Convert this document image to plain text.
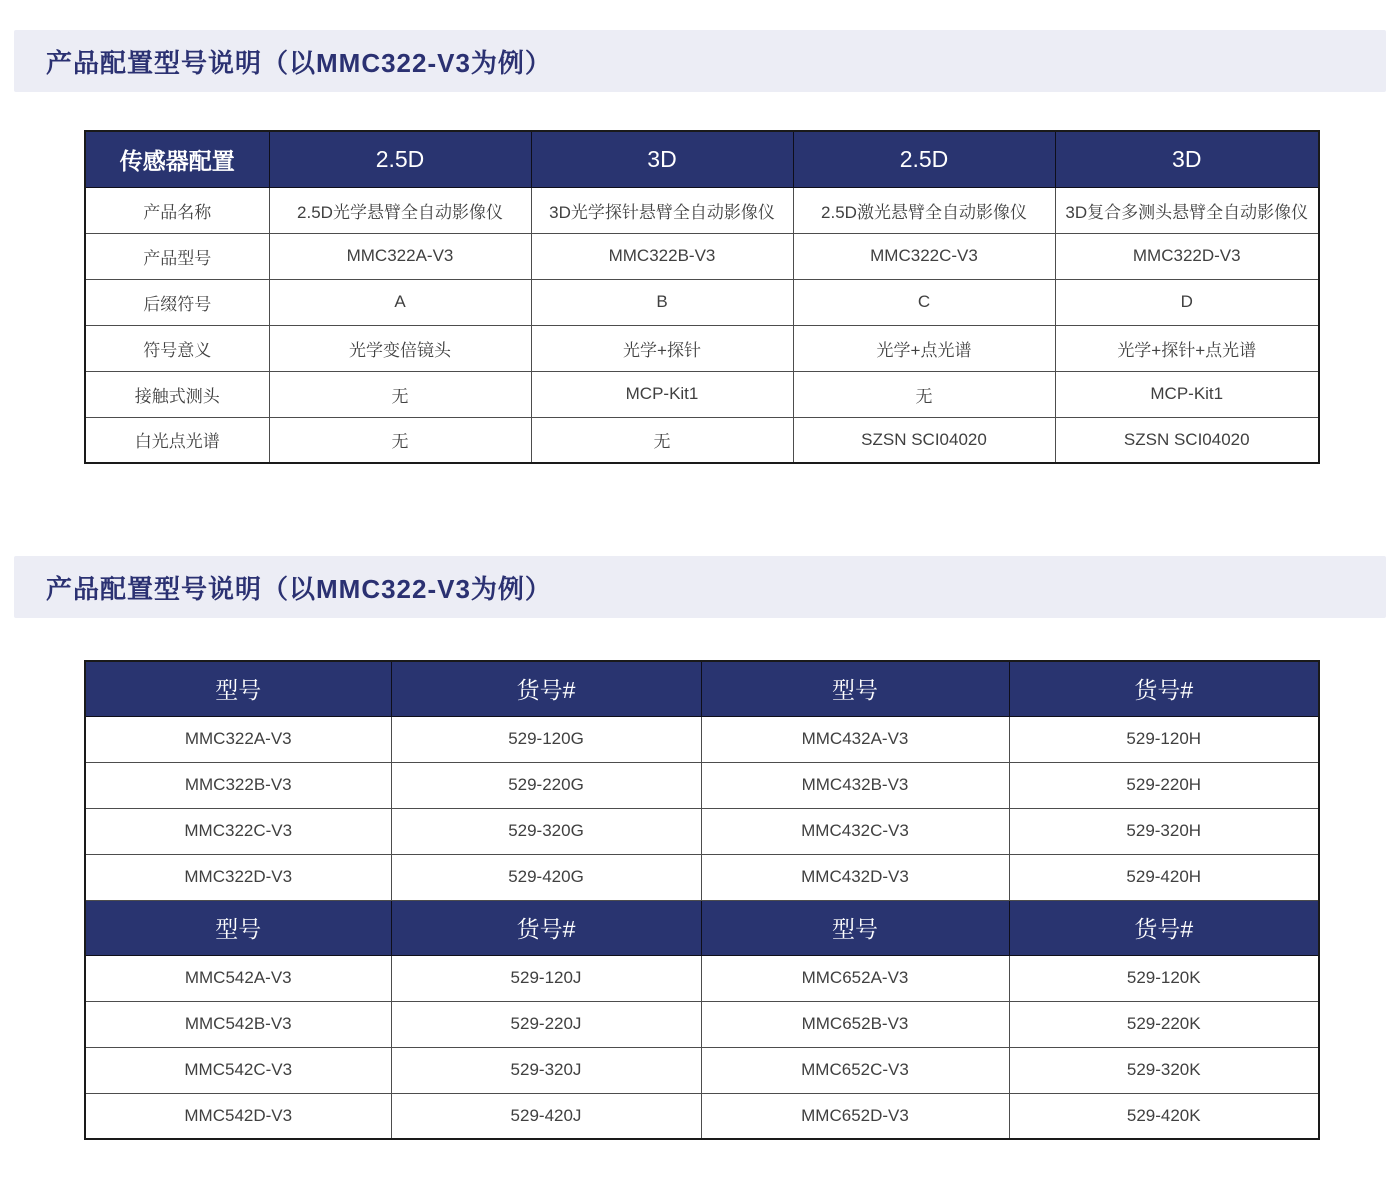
产品配置型号说明（以MMC322-V3为例）
传感器配置	2.5D	3D	2.5D	3D
产品名称	2.5D光学悬臂全自动影像仪	3D光学探针悬臂全自动影像仪	2.5D激光悬臂全自动影像仪	3D复合多测头悬臂全自动影像仪
产品型号	MMC322A-V3	MMC322B-V3	MMC322C-V3	MMC322D-V3
后缀符号	A	B	C	D
符号意义	光学变倍镜头	光学+探针	光学+点光谱	光学+探针+点光谱
接触式测头	无	MCP-Kit1	无	MCP-Kit1
白光点光谱	无	无	SZSN SCI04020	SZSN SCI04020
产品配置型号说明（以MMC322-V3为例）
型号	货号#	型号	货号#
MMC322A-V3	529-120G	MMC432A-V3	529-120H
MMC322B-V3	529-220G	MMC432B-V3	529-220H
MMC322C-V3	529-320G	MMC432C-V3	529-320H
MMC322D-V3	529-420G	MMC432D-V3	529-420H
型号	货号#	型号	货号#
MMC542A-V3	529-120J	MMC652A-V3	529-120K
MMC542B-V3	529-220J	MMC652B-V3	529-220K
MMC542C-V3	529-320J	MMC652C-V3	529-320K
MMC542D-V3	529-420J	MMC652D-V3	529-420K
